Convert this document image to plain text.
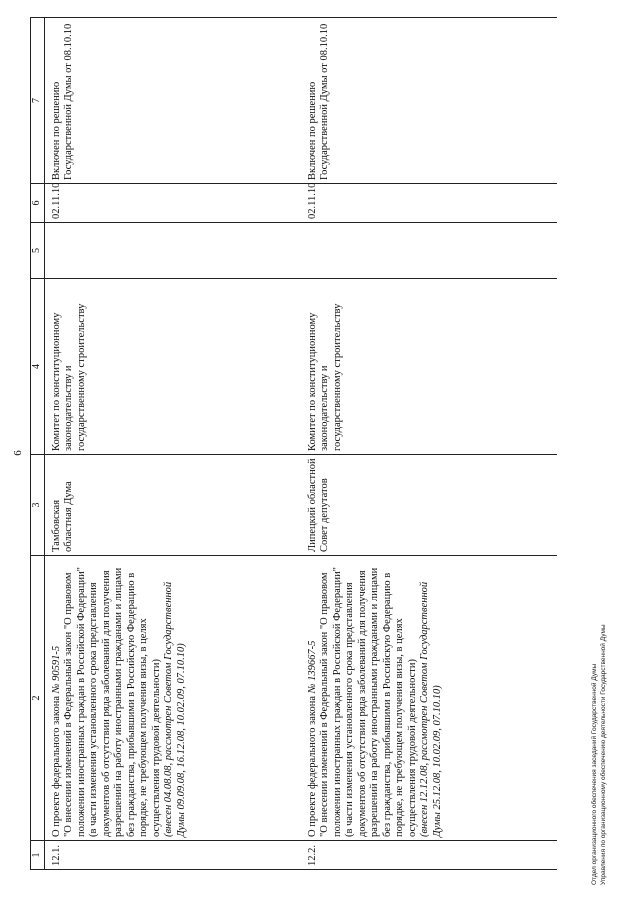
6
1	2	3	4	5	6	7
12.1.	О проекте федерального закона № 90591-5 "О внесении изменений в Федеральный закон "О правовом положении иностранных граждан в Российской Федерации" (в части изменения установленного срока представления документов об отсутствии ряда заболеваний для получения разрешений на работу иностранными гражданами и лицами без гражданства, прибывшими в Российскую Федерацию в порядке, не требующем получения визы, в целях осуществления трудовой деятельности) (внесен 04.08.08, рассмотрен Советом Государственной Думы 09.09.08, 16.12.08, 10.02.09, 07.10.10)	Тамбовская областная Дума	Комитет по конституционному законодательству и государственному строительству		02.11.10	Включен по решению Государственной Думы от 08.10.10
12.2.	О проекте федерального закона № 139667-5 "О внесении изменений в Федеральный закон "О правовом положении иностранных граждан в Российской Федерации" (в части изменения установленного срока представления документов об отсутствии ряда заболеваний для получения разрешений на работу иностранными гражданами и лицами без гражданства, прибывшими в Российскую Федерацию в порядке, не требующем получения визы, в целях осуществления трудовой деятельности) (внесен 12.12.08, рассмотрен Советом Государственной Думы 25.12.08, 10.02.09, 07.10.10)	Липецкий областной Совет депутатов	Комитет по конституционному законодательству и государственному строительству		02.11.10	Включен по решению Государственной Думы от 08.10.10
Отдел организационного обеспечения заседаний Государственной Думы Управления по организационному обеспечению деятельности Государственной Думы
